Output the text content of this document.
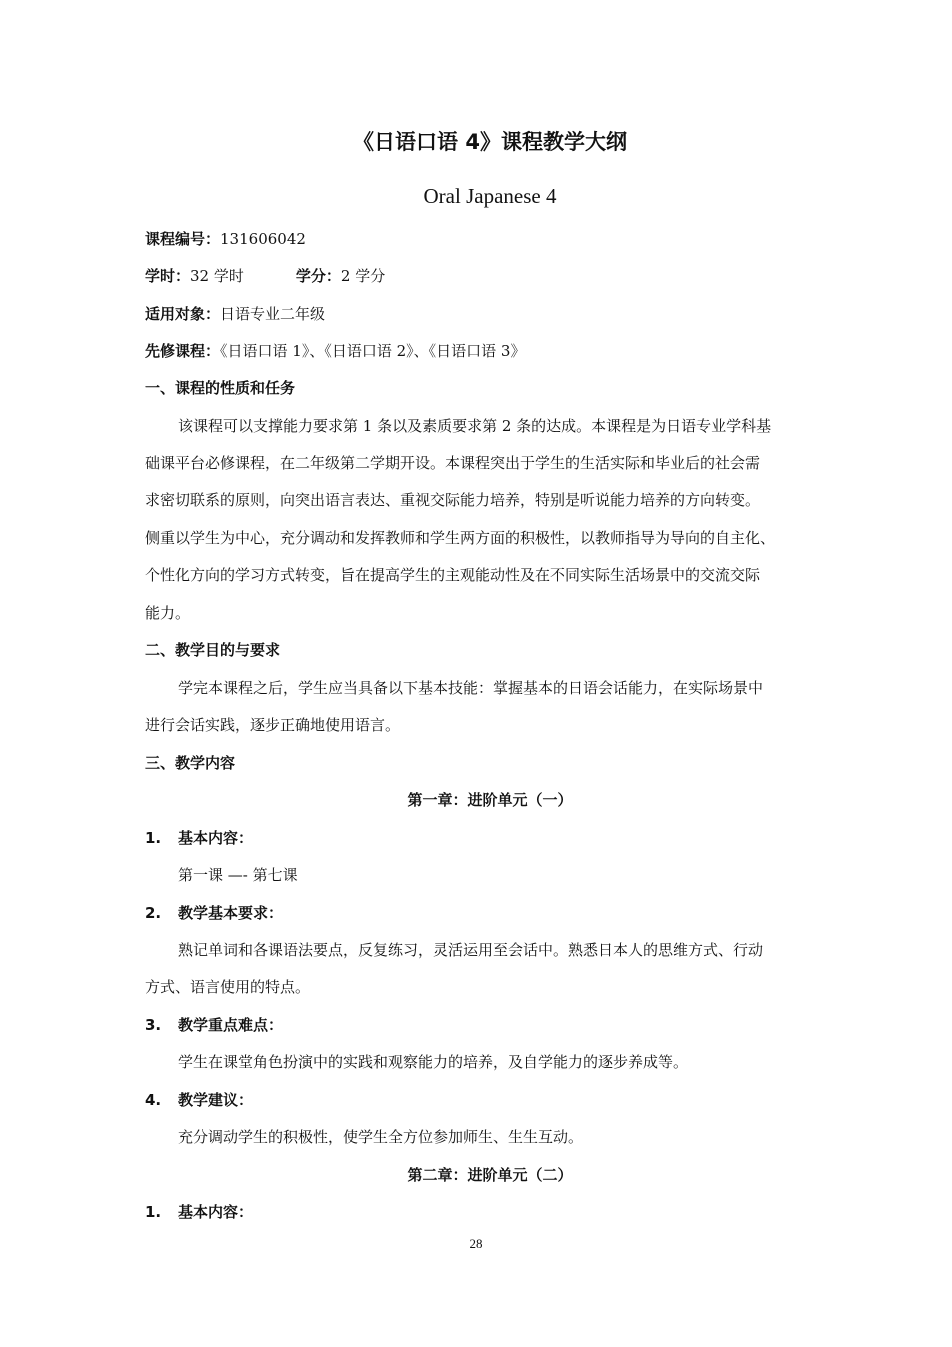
《日语口语 4》课程教学大纲
Oral Japanese 4
课程编号：131606042
学时：32 学时	学分：2 学分
适用对象：日语专业二年级
先修课程：《日语口语 1》、《日语口语 2》、《日语口语 3》
一、课程的性质和任务
该课程可以支撑能力要求第 1 条以及素质要求第 2 条的达成。本课程是为日语专业学科基
础课平台必修课程，在二年级第二学期开设。本课程突出于学生的生活实际和毕业后的社会需
求密切联系的原则，向突出语言表达、重视交际能力培养，特别是听说能力培养的方向转变。
侧重以学生为中心，充分调动和发挥教师和学生两方面的积极性，以教师指导为导向的自主化、
个性化方向的学习方式转变，旨在提高学生的主观能动性及在不同实际生活场景中的交流交际
能力。
二、教学目的与要求
学完本课程之后，学生应当具备以下基本技能：掌握基本的日语会话能力，在实际场景中
进行会话实践，逐步正确地使用语言。
三、教学内容
第一章：进阶单元（一）
1. 基本内容：
第一课 —- 第七课
2. 教学基本要求：
熟记单词和各课语法要点，反复练习，灵活运用至会话中。熟悉日本人的思维方式、行动
方式、语言使用的特点。
3. 教学重点难点：
学生在课堂角色扮演中的实践和观察能力的培养，及自学能力的逐步养成等。
4. 教学建议：
充分调动学生的积极性，使学生全方位参加师生、生生互动。
第二章：进阶单元（二）
1. 基本内容：
28
